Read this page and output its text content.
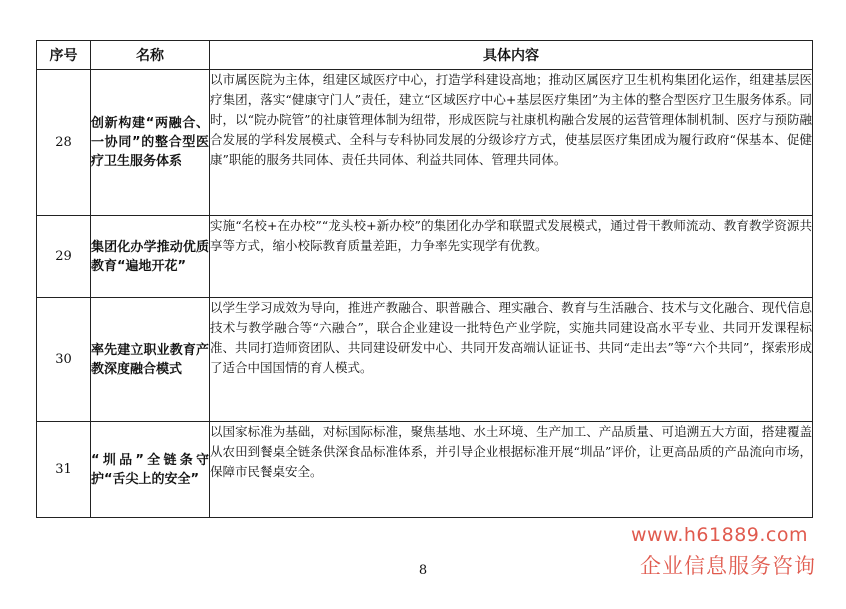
序号	名称	具体内容
28	创新构建“两融合、一协同”的整合型医疗卫生服务体系	以市属医院为主体，组建区域医疗中心，打造学科建设高地；推动区属医疗卫生机构集团化运作，组建基层医疗集团，落实“健康守门人”责任，建立“区域医疗中心+基层医疗集团”为主体的整合型医疗卫生服务体系。同时，以“院办院管”的社康管理体制为纽带，形成医院与社康机构融合发展的运营管理体制机制、医疗与预防融合发展的学科发展模式、全科与专科协同发展的分级诊疗方式，使基层医疗集团成为履行政府“保基本、促健康”职能的服务共同体、责任共同体、利益共同体、管理共同体。
29	集团化办学推动优质教育“遍地开花”	实施“名校+在办校”“龙头校+新办校”的集团化办学和联盟式发展模式，通过骨干教师流动、教育教学资源共享等方式，缩小校际教育质量差距，力争率先实现学有优教。
30	率先建立职业教育产教深度融合模式	以学生学习成效为导向，推进产教融合、职普融合、理实融合、教育与生活融合、技术与文化融合、现代信息技术与教学融合等“六融合”，联合企业建设一批特色产业学院，实施共同建设高水平专业、共同开发课程标准、共同打造师资团队、共同建设研发中心、共同开发高端认证证书、共同“走出去”等“六个共同”，探索形成了适合中国国情的育人模式。
31	“圳品”全链条守护“舌尖上的安全”	以国家标准为基础，对标国际标准，聚焦基地、水土环境、生产加工、产品质量、可追溯五大方面，搭建覆盖从农田到餐桌全链条供深食品标准体系，并引导企业根据标准开展“圳品”评价，让更高品质的产品流向市场，保障市民餐桌安全。
www.h61889.com
企业信息服务咨询
8
